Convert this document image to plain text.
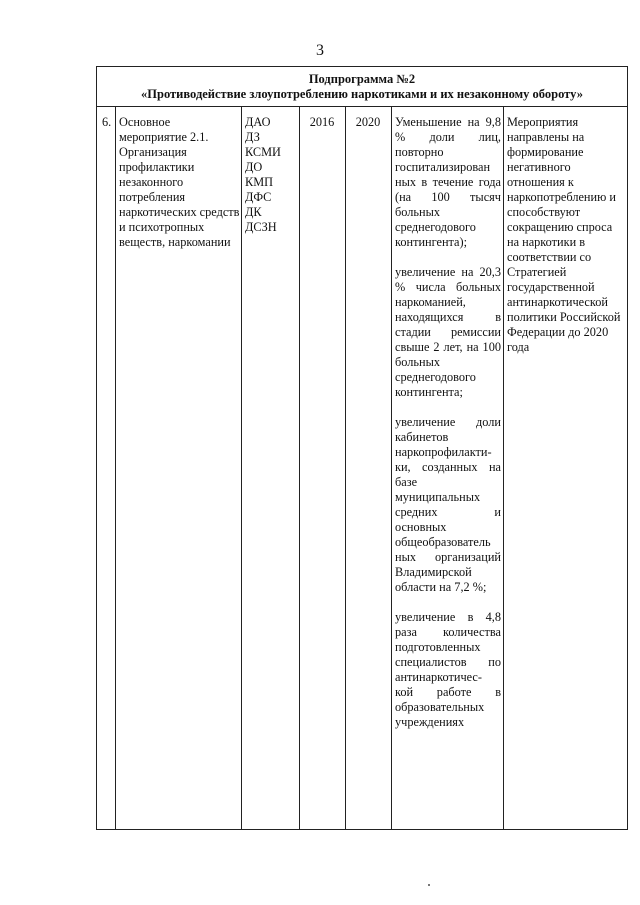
3
Подпрограмма №2
«Противодействие злоупотреблению наркотиками и их незаконному обороту»
6. Основное мероприятие 2.1. Организация профилактики незаконного потребления наркотических средств и психотропных веществ, наркомании
ДАО
ДЗ
КСМИ
ДО
КМП
ДФС
ДК
ДСЗН
2016	2020	Уменьшение на 9,8 % доли лиц, повторно госпитализирован ных в течение года (на 100 тысяч больных среднегодового контингента);

увеличение на 20,3 % числа больных наркоманией, находящихся в стадии ремиссии свыше 2 лет, на 100 больных среднегодового контингента;

увеличение доли кабинетов наркопрофилакти- ки, созданных на базе муниципальных средних и основных общеобразователь ных организаций Владимирской области на 7,2 %;

увеличение в 4,8 раза количества подготовленных специалистов по антинаркотичес- кой работе в образовательных учреждениях

Мероприятия направлены на формирование негативного отношения к наркопотреблению и способствуют сокращению спроса на наркотики в соответствии со Стратегией государственной антинаркотической политики Российской Федерации до 2020 года
